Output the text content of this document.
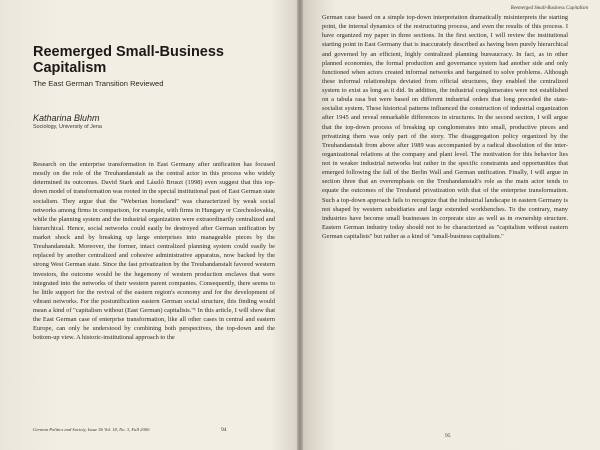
Reemerged Small-Business Capitalism

The East German Transition Reviewed

Katharina Bluhm

Sociology, University of Jena

Research on the enterprise transformation in East Germany after unification has focused mostly on the role of the Treuhandanstalt as the central actor in this process who widely determined its outcomes. David Stark and László Bruszt (1998) even suggest that this top-down model of transformation was rooted in the special institutional past of East German state socialism. They argue that the "Weberian homeland" was characterized by weak social networks among firms in comparison, for example, with firms in Hungary or Czechoslovakia, while the planning system and the industrial organization were extraordinarily centralized and hierarchical. Hence, social networks could easily be destroyed after German unification by market shock and by breaking up large enterprises into manageable pieces by the Treuhandanstalt. Moreover, the former, intact centralized planning system could easily be replaced by another centralized and cohesive administrative apparatus, now backed by the strong West German state. Since the fast privatization by the Treuhandanstalt favored western investors, the outcome would be the hegemony of western production enclaves that were integrated into the networks of their western parent companies. Consequently, there seems to be little support for the revival of the eastern region's economy and for the development of vibrant networks. For the postunification eastern German social structure, this finding would mean a kind of "capitalism without (East German) capitalists."¹ In this article, I will show that the East German case of enterprise transformation, like all other cases in central and eastern Europe, can only be understood by combining both perspectives, the top-down and the bottom-up view. A historic-institutional approach to the

German Politics and Society, Issue 56 Vol. 18, No. 3, Fall 2000	94

Reemerged Small-Business Capitalism

German case based on a simple top-down interpretation dramatically misinterprets the starting point, the internal dynamics of the restructuring process, and even the results of this process. I have organized my paper in three sections. In the first section, I will review the institutional starting point in East Germany that is inaccurately described as having been purely hierarchical and governed by an efficient, highly centralized planning bureaucracy. In fact, as in other planned economies, the formal production and governance system had another side and only functioned when actors created informal networks and bargained to solve problems. Although these informal relationships deviated from official structures, they enabled the centralized system to exist as long as it did. In addition, the industrial conglomerates were not established on a tabula rasa but were based on different industrial orders that long preceded the state-socialist system. These historical patterns influenced the construction of industrial organization after 1945 and reveal remarkable differences in structures. In the second section, I will argue that the top-down process of breaking up conglomerates into small, productive pieces and privatizing them was only part of the story. The disaggregation policy organized by the Treuhandanstalt from above after 1989 was accompanied by a radical dissolution of the inter-organizational relations at the company and plant level. The motivation for this behavior lies not in weaker industrial networks but rather in the specific constraints and opportunities that emerged following the fall of the Berlin Wall and German unification. Finally, I will argue in section three that an overemphasis on the Treuhandanstalt's role as the main actor tends to equate the outcomes of the Treuhand privatization with that of the enterprise transformation. Such a top-down approach fails to recognize that the industrial landscape in eastern Germany is not shaped by western subsidiaries and large extended workbenches. To the contrary, many industries have become small businesses in corporate size as well as in ownership structure. Eastern German industry today should not to be characterized as "capitalism without eastern German capitalists" but rather as a kind of "small-business capitalism."

95
